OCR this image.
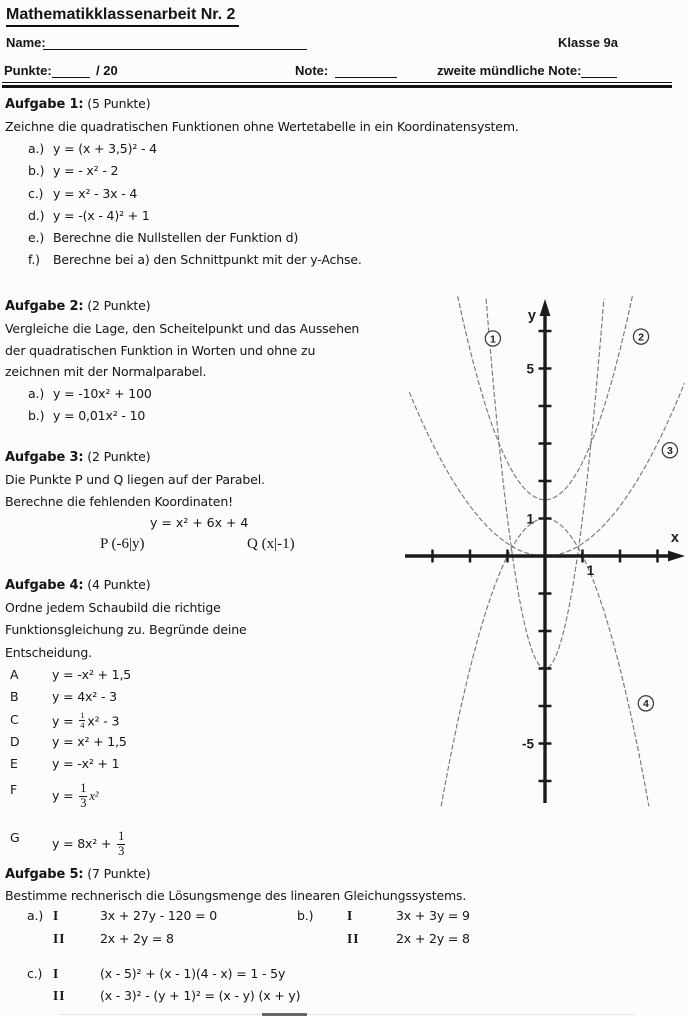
Mathematikklassenarbeit Nr. 2
Name:	Klasse 9a
Punkte:	/ 20	Note:	zweite mündliche Note:
Aufgabe 1: (5 Punkte)
Zeichne die quadratischen Funktionen ohne Wertetabelle in ein Koordinatensystem.
a.) y = (x + 3,5)² - 4
b.) y = - x² - 2
c.) y = x² - 3x - 4
d.) y = -(x - 4)² + 1
e.) Berechne die Nullstellen der Funktion d)
f.)	Berechne bei a) den Schnittpunkt mit der y-Achse.
Aufgabe 2: (2 Punkte)
Vergleiche die Lage, den Scheitelpunkt und das Aussehen
der quadratischen Funktion in Worten und ohne zu
zeichnen mit der Normalparabel.
a.) y = -10x² + 100
b.) y = 0,01x² - 10
Aufgabe 3: (2 Punkte)
Die Punkte P und Q liegen auf der Parabel.
Berechne die fehlenden Koordinaten!
y = x² + 6x + 4
P (-6|y)	Q (x|-1)
Aufgabe 4: (4 Punkte)
Ordne jedem Schaubild die richtige
Funktionsgleichung zu. Begründe deine
Entscheidung.
A	y = -x² + 1,5
B	y = 4x² - 3
C	$y = \frac{1}{4} x^2 - 3$
D	y = x² + 1,5
E	y = -x² + 1
F	$y = \frac{1}{3} x^2$
G	$y = 8x^2 + \frac{1}{3}$
Aufgabe 5: (7 Punkte)
Bestimme rechnerisch die Lösungsmenge des linearen Gleichungssystems.
a.) I	3x + 27y - 120 = 0
II	2x + 2y = 8
b.)	I	3x + 3y = 9
II	2x + 2y = 8
c.) I	(x - 5)² + (x - 1)(4 - x) = 1 - 5y
II	(x - 3)² - (y + 1)² = (x - y) (x + y)
1
5
1
-5
y
x
1	2
3
4
